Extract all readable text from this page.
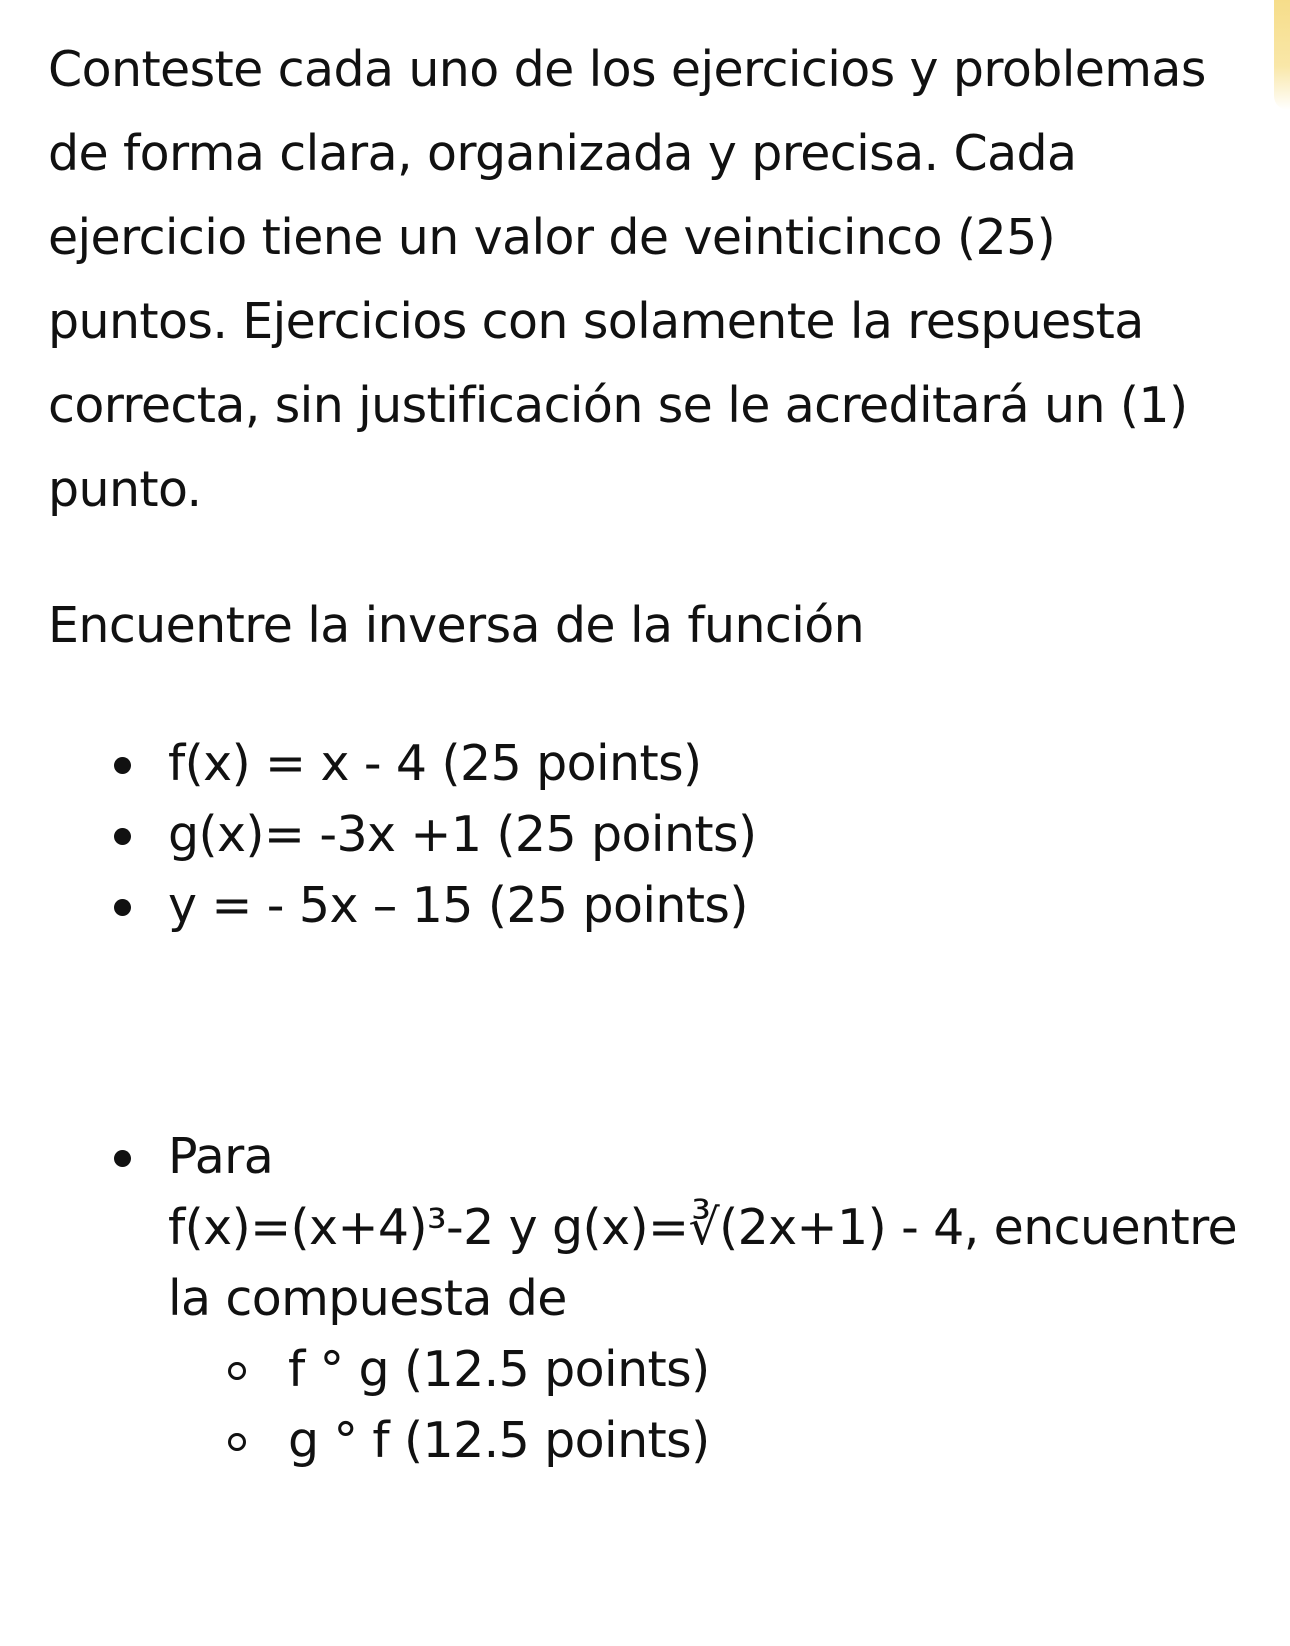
Conteste cada uno de los ejercicios y problemas
de forma clara, organizada y precisa. Cada
ejercicio tiene un valor de veinticinco (25)
puntos. Ejercicios con solamente la respuesta
correcta, sin justificación se le acreditará un (1)
punto.
Encuentre la inversa de la función
f(x) = x - 4 (25 points)
g(x)= -3x +1 (25 points)
y = - 5x – 15 (25 points)
Para
f(x)=(x+4)³-2 y g(x)=∛(2x+1) - 4, encuentre
la compuesta de
f ° g (12.5 points)
g ° f (12.5 points)
